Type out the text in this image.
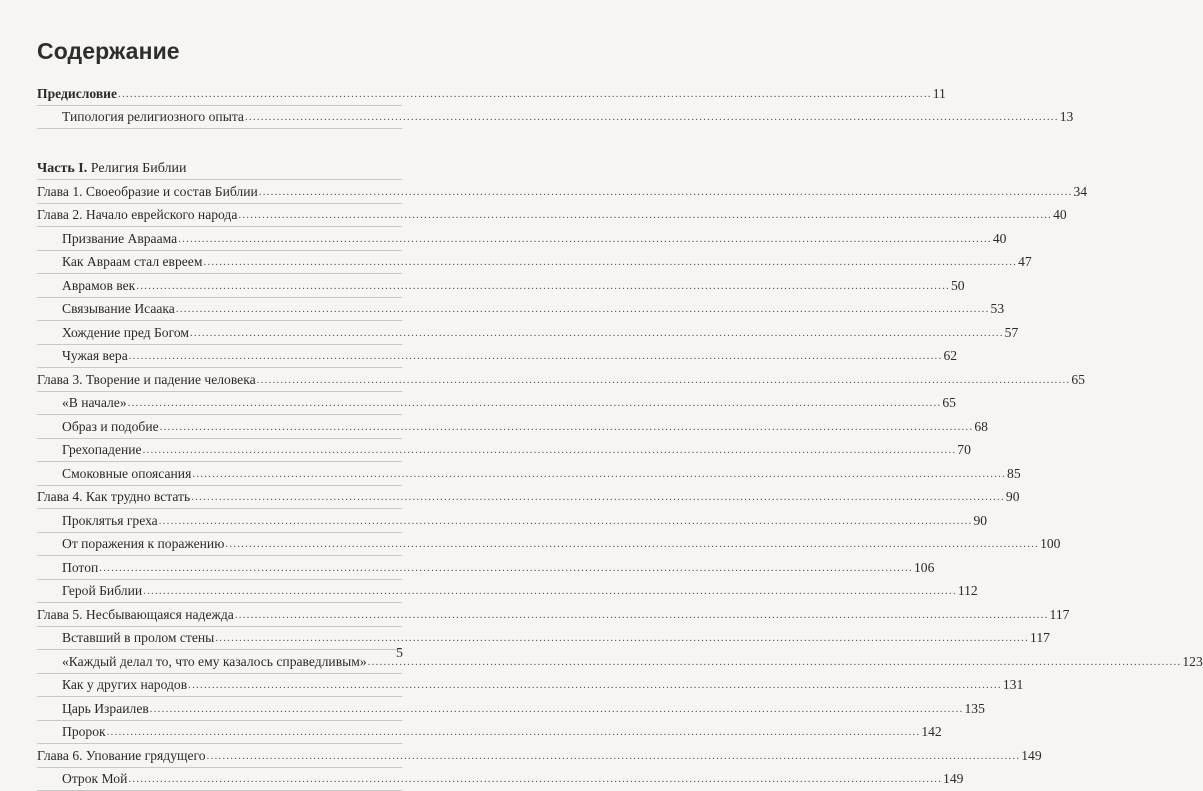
Содержание
Предисловие .....	11
Типология религиозного опыта .....	13
Часть I. Религия Библии
Глава 1. Своеобразие и состав Библии .....	34
Глава 2. Начало еврейского народа .....	40
Призвание Авраама .....	40
Как Авраам стал евреем .....	47
Аврамов век .....	50
Связывание Исаака .....	53
Хождение пред Богом .....	57
Чужая вера .....	62
Глава 3. Творение и падение человека .....	65
«В начале» .....	65
Образ и подобие .....	68
Грехопадение .....	70
Смоковные опоясания .....	85
Глава 4. Как трудно встать .....	90
Проклятья греха .....	90
От поражения к поражению .....	100
Потоп .....	106
Герой Библии .....	112
Глава 5. Несбывающаяся надежда .....	117
Вставший в пролом стены .....	117
«Каждый делал то, что ему казалось справедливым» .....	123
Как у других народов .....	131
Царь Израилев .....	135
Пророк .....	142
Глава 6. Упование грядущего .....	149
Отрок Мой .....	149
5
